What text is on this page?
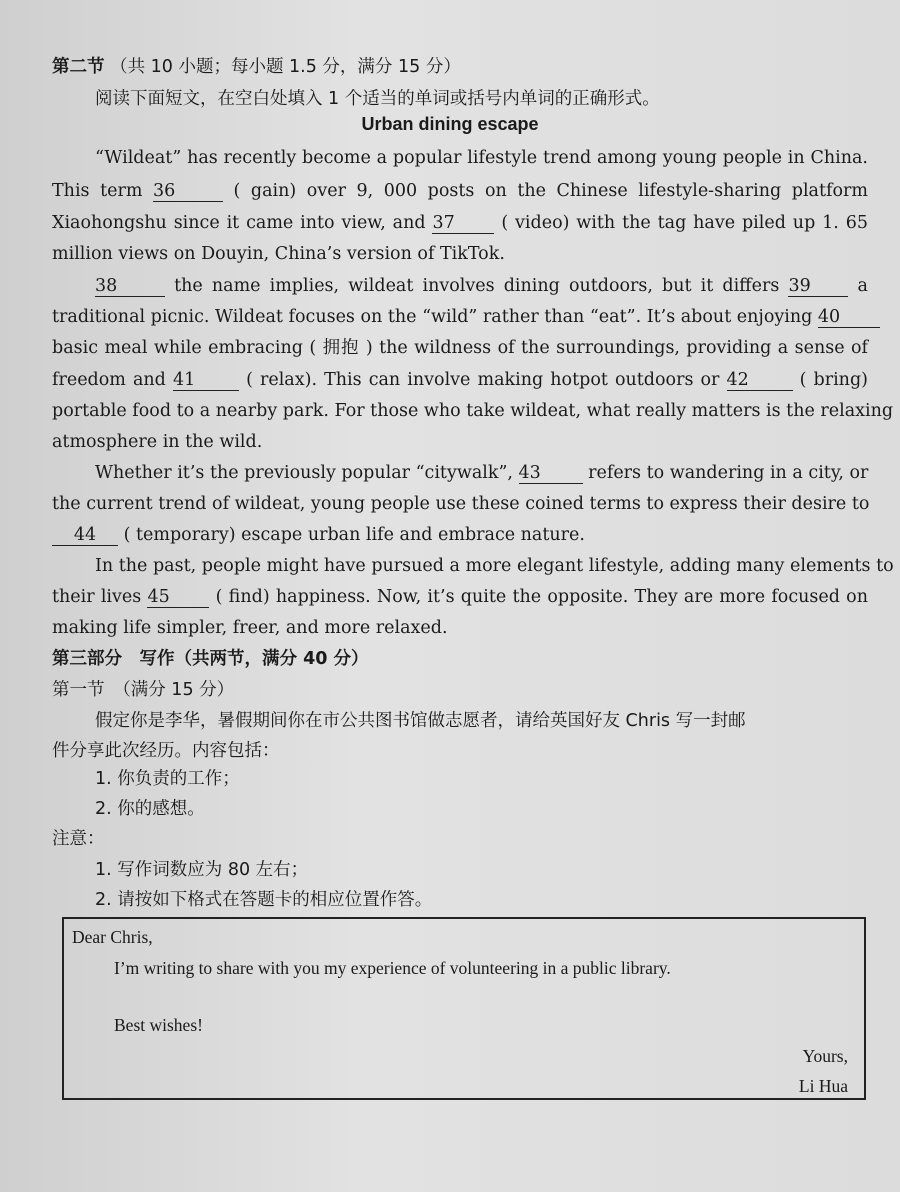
第二节 （共 10 小题；每小题 1.5 分，满分 15 分）
阅读下面短文，在空白处填入 1 个适当的单词或括号内单词的正确形式。
Urban dining escape
“Wildeat” has recently become a popular lifestyle trend among young people in China.
This term 36	( gain) over 9, 000 posts on the Chinese lifestyle-sharing platform
Xiaohongshu since it came into view, and 37	( video) with the tag have piled up 1. 65
million views on Douyin, China’s version of TikTok.
38	the name implies, wildeat involves dining outdoors, but it differs 39	a
traditional picnic. Wildeat focuses on the “wild” rather than “eat”. It’s about enjoying 40
basic meal while embracing ( 拥抱 ) the wildness of the surroundings, providing a sense of
freedom and 41	( relax). This can involve making hotpot outdoors or 42	( bring)
portable food to a nearby park. For those who take wildeat, what really matters is the relaxing
atmosphere in the wild.
Whether it’s the previously popular “citywalk”, 43	refers to wandering in a city, or
the current trend of wildeat, young people use these coined terms to express their desire to
44 ( temporary) escape urban life and embrace nature.
In the past, people might have pursued a more elegant lifestyle, adding many elements to
their lives 45	( find) happiness. Now, it’s quite the opposite. They are more focused on
making life simpler, freer, and more relaxed.
第三部分　写作（共两节，满分 40 分）
第一节　（满分 15 分）
假定你是李华，暑假期间你在市公共图书馆做志愿者，请给英国好友 Chris 写一封邮
件分享此次经历。内容包括：
1. 你负责的工作；
2. 你的感想。
注意：
1. 写作词数应为 80 左右；
2. 请按如下格式在答题卡的相应位置作答。
Dear Chris,
I’m writing to share with you my experience of volunteering in a public library.
Best wishes!
Yours,
Li Hua
